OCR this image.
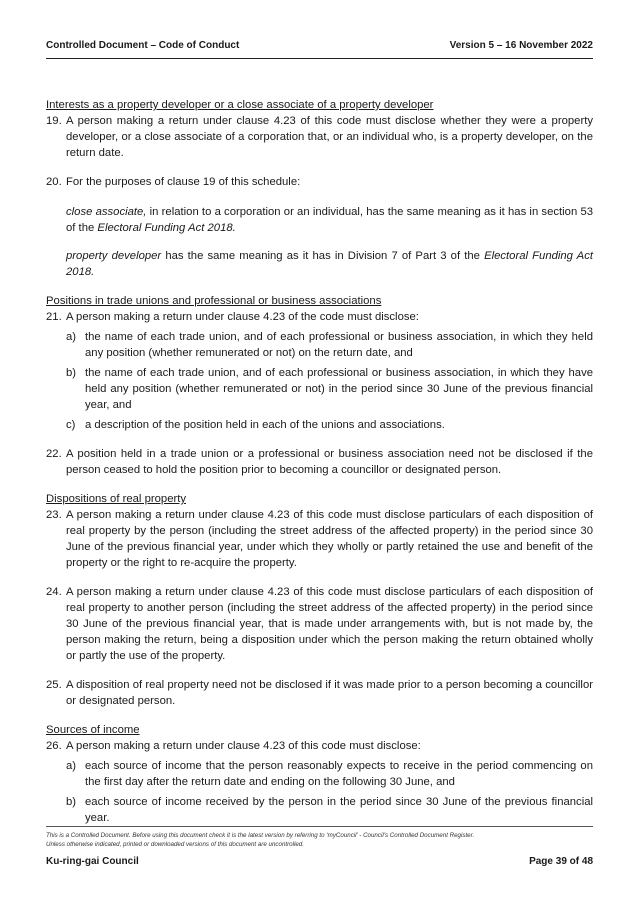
Controlled Document – Code of Conduct	Version 5 – 16 November 2022
Interests as a property developer or a close associate of a property developer
19. A person making a return under clause 4.23 of this code must disclose whether they were a property developer, or a close associate of a corporation that, or an individual who, is a property developer, on the return date.
20. For the purposes of clause 19 of this schedule:
close associate, in relation to a corporation or an individual, has the same meaning as it has in section 53 of the Electoral Funding Act 2018.
property developer has the same meaning as it has in Division 7 of Part 3 of the Electoral Funding Act 2018.
Positions in trade unions and professional or business associations
21. A person making a return under clause 4.23 of the code must disclose:
a) the name of each trade union, and of each professional or business association, in which they held any position (whether remunerated or not) on the return date, and
b) the name of each trade union, and of each professional or business association, in which they have held any position (whether remunerated or not) in the period since 30 June of the previous financial year, and
c) a description of the position held in each of the unions and associations.
22. A position held in a trade union or a professional or business association need not be disclosed if the person ceased to hold the position prior to becoming a councillor or designated person.
Dispositions of real property
23. A person making a return under clause 4.23 of this code must disclose particulars of each disposition of real property by the person (including the street address of the affected property) in the period since 30 June of the previous financial year, under which they wholly or partly retained the use and benefit of the property or the right to re-acquire the property.
24. A person making a return under clause 4.23 of this code must disclose particulars of each disposition of real property to another person (including the street address of the affected property) in the period since 30 June of the previous financial year, that is made under arrangements with, but is not made by, the person making the return, being a disposition under which the person making the return obtained wholly or partly the use of the property.
25. A disposition of real property need not be disclosed if it was made prior to a person becoming a councillor or designated person.
Sources of income
26. A person making a return under clause 4.23 of this code must disclose:
a) each source of income that the person reasonably expects to receive in the period commencing on the first day after the return date and ending on the following 30 June, and
b) each source of income received by the person in the period since 30 June of the previous financial year.
This is a Controlled Document. Before using this document check it is the latest version by referring to ‘myCouncil’ - Council’s Controlled Document Register.
Unless otherwise indicated, printed or downloaded versions of this document are uncontrolled.
Ku-ring-gai Council	Page 39 of 48
